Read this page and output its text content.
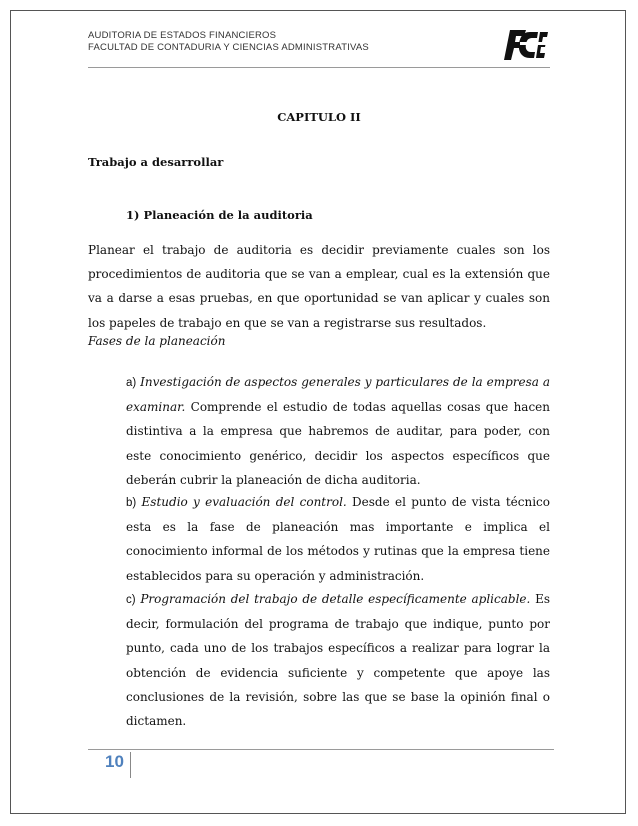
AUDITORIA DE ESTADOS FINANCIEROS
FACULTAD DE CONTADURIA Y CIENCIAS ADMINISTRATIVAS
CAPITULO II
Trabajo a desarrollar
1) Planeación de la auditoria

Planear el trabajo de auditoria es decidir previamente cuales son los procedimientos de auditoria que se van a emplear, cual es la extensión que va a darse a esas pruebas, en que oportunidad se van aplicar y cuales son los papeles de trabajo en que se van a registrarse sus resultados.

Fases de la planeación

a) Investigación de aspectos generales y particulares de la empresa a examinar. Comprende el estudio de todas aquellas cosas que hacen distintiva a la empresa que habremos de auditar, para poder, con este conocimiento genérico, decidir los aspectos específicos que deberán cubrir la planeación de dicha auditoria.

b) Estudio y evaluación del control. Desde el punto de vista técnico esta es la fase de planeación mas importante e implica el conocimiento informal de los métodos y rutinas que la empresa tiene establecidos para su operación y administración.

c) Programación del trabajo de detalle específicamente aplicable. Es decir, formulación del programa de trabajo que indique, punto por punto, cada uno de los trabajos específicos a realizar para lograr la obtención de evidencia suficiente y competente que apoye las conclusiones de la revisión, sobre las que se base la opinión final o dictamen.

10
